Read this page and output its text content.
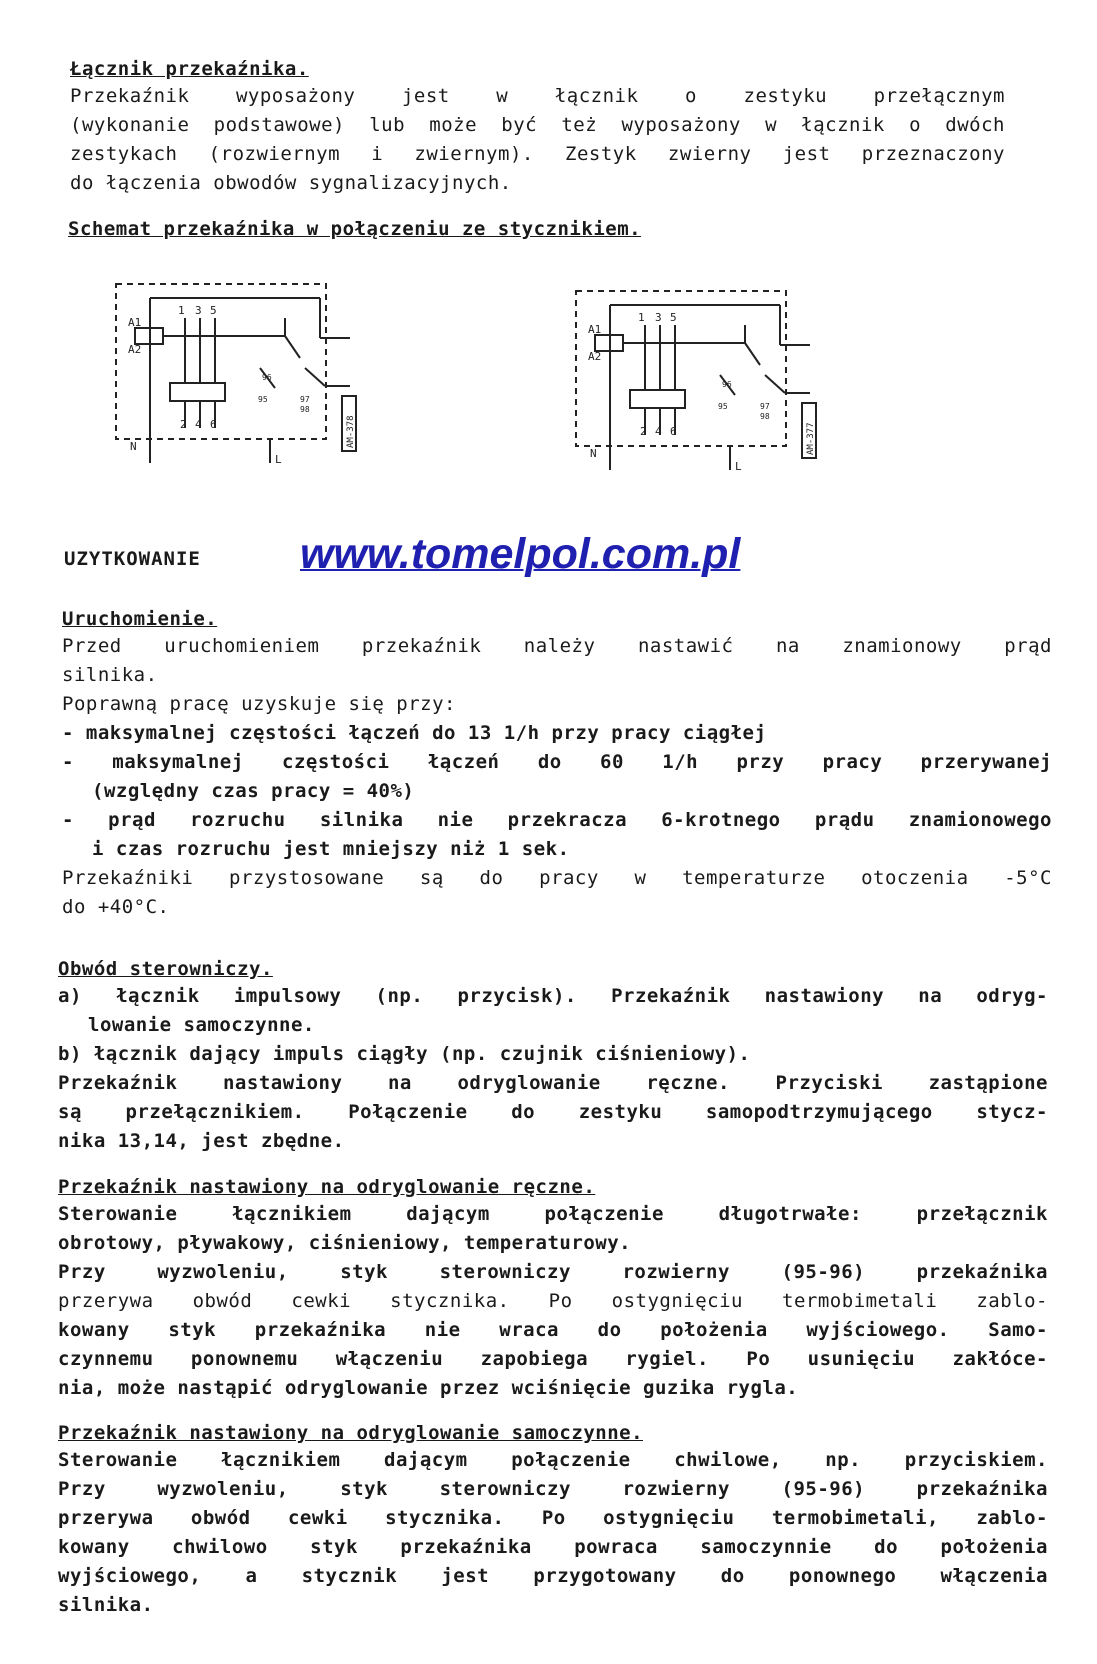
Łącznik przekaźnika.
Przekaźnik wyposażony jest w łącznik o zestyku przełącznym
(wykonanie podstawowe) lub może być też wyposażony w łącznik o dwóch
zestykach (rozwiernym i zwiernym). Zestyk zwierny jest przeznaczony
do łączenia obwodów sygnalizacyjnych.
Schemat przekaźnika w połączeniu ze stycznikiem.
1 3 5
2 4 6
A1
A2
N
L
96
95	97
98
AM-378
1 3 5
2 4 6
A1
A2
N
L
96
95	97
98
AM-377
UZYTKOWANIE www.tomelpol.com.pl
Uruchomienie.
Przed uruchomieniem przekaźnik należy nastawić na znamionowy prąd
silnika.
Poprawną pracę uzyskuje się przy:
- maksymalnej częstości łączeń do 13 1/h przy pracy ciągłej
- maksymalnej częstości łączeń do 60 1/h przy pracy przerywanej
(względny czas pracy = 40%)
- prąd rozruchu silnika nie przekracza 6-krotnego prądu znamionowego
i czas rozruchu jest mniejszy niż 1 sek.
Przekaźniki przystosowane są do pracy w temperaturze otoczenia -5°C
do +40°C.
Obwód sterowniczy.
a) łącznik impulsowy (np. przycisk). Przekaźnik nastawiony na odryg-
lowanie samoczynne.
b) łącznik dający impuls ciągły (np. czujnik ciśnieniowy).
Przekaźnik nastawiony na odryglowanie ręczne. Przyciski zastąpione
są przełącznikiem. Połączenie do zestyku samopodtrzymującego stycz-
nika 13,14, jest zbędne.
Przekaźnik nastawiony na odryglowanie ręczne.
Sterowanie łącznikiem dającym połączenie długotrwałe: przełącznik
obrotowy, pływakowy, ciśnieniowy, temperaturowy.
Przy wyzwoleniu, styk sterowniczy rozwierny (95-96) przekaźnika
przerywa obwód cewki stycznika. Po ostygnięciu termobimetali zablo-
kowany styk przekaźnika nie wraca do położenia wyjściowego. Samo-
czynnemu ponownemu włączeniu zapobiega rygiel. Po usunięciu zakłóce-
nia, może nastąpić odryglowanie przez wciśnięcie guzika rygla.
Przekaźnik nastawiony na odryglowanie samoczynne.
Sterowanie łącznikiem dającym połączenie chwilowe, np. przyciskiem.
Przy wyzwoleniu, styk sterowniczy rozwierny (95-96) przekaźnika
przerywa obwód cewki stycznika. Po ostygnięciu termobimetali, zablo-
kowany chwilowo styk przekaźnika powraca samoczynnie do położenia
wyjściowego, a stycznik jest przygotowany do ponownego włączenia
silnika.
